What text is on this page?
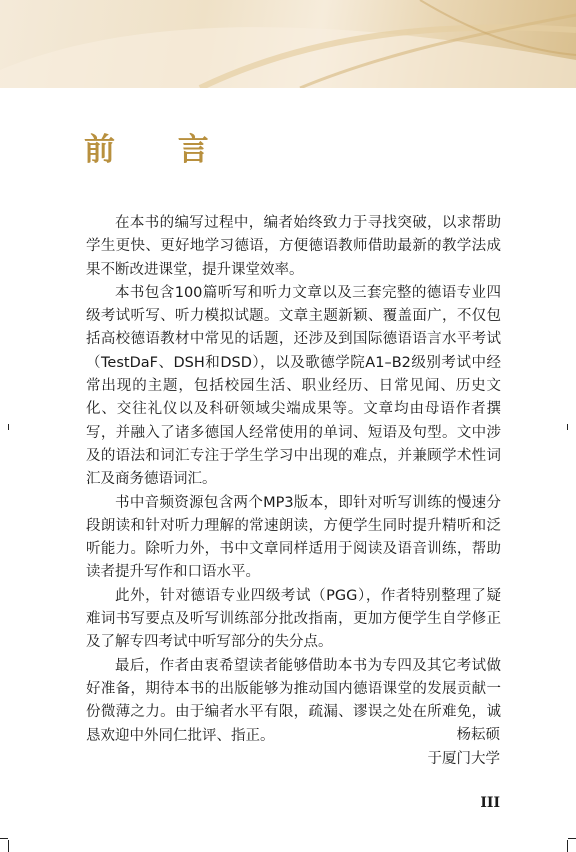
前 言

在本书的编写过程中，编者始终致力于寻找突破，以求帮助学生更快、更好地学习德语，方便德语教师借助最新的教学法成果不断改进课堂，提升课堂效率。

本书包含100篇听写和听力文章以及三套完整的德语专业四级考试听写、听力模拟试题。文章主题新颖、覆盖面广，不仅包括高校德语教材中常见的话题，还涉及到国际德语语言水平考试（TestDaF、DSH和DSD），以及歌德学院A1–B2级别考试中经常出现的主题，包括校园生活、职业经历、日常见闻、历史文化、交往礼仪以及科研领域尖端成果等。文章均由母语作者撰写，并融入了诸多德国人经常使用的单词、短语及句型。文中涉及的语法和词汇专注于学生学习中出现的难点，并兼顾学术性词汇及商务德语词汇。

书中音频资源包含两个MP3版本，即针对听写训练的慢速分段朗读和针对听力理解的常速朗读，方便学生同时提升精听和泛听能力。除听力外，书中文章同样适用于阅读及语音训练，帮助读者提升写作和口语水平。

此外，针对德语专业四级考试（PGG），作者特别整理了疑难词书写要点及听写训练部分批改指南，更加方便学生自学修正及了解专四考试中听写部分的失分点。

最后，作者由衷希望读者能够借助本书为专四及其它考试做好准备，期待本书的出版能够为推动国内德语课堂的发展贡献一份微薄之力。由于编者水平有限，疏漏、谬误之处在所难免，诚恳欢迎中外同仁批评、指正。	杨耘硕
于厦门大学
III
